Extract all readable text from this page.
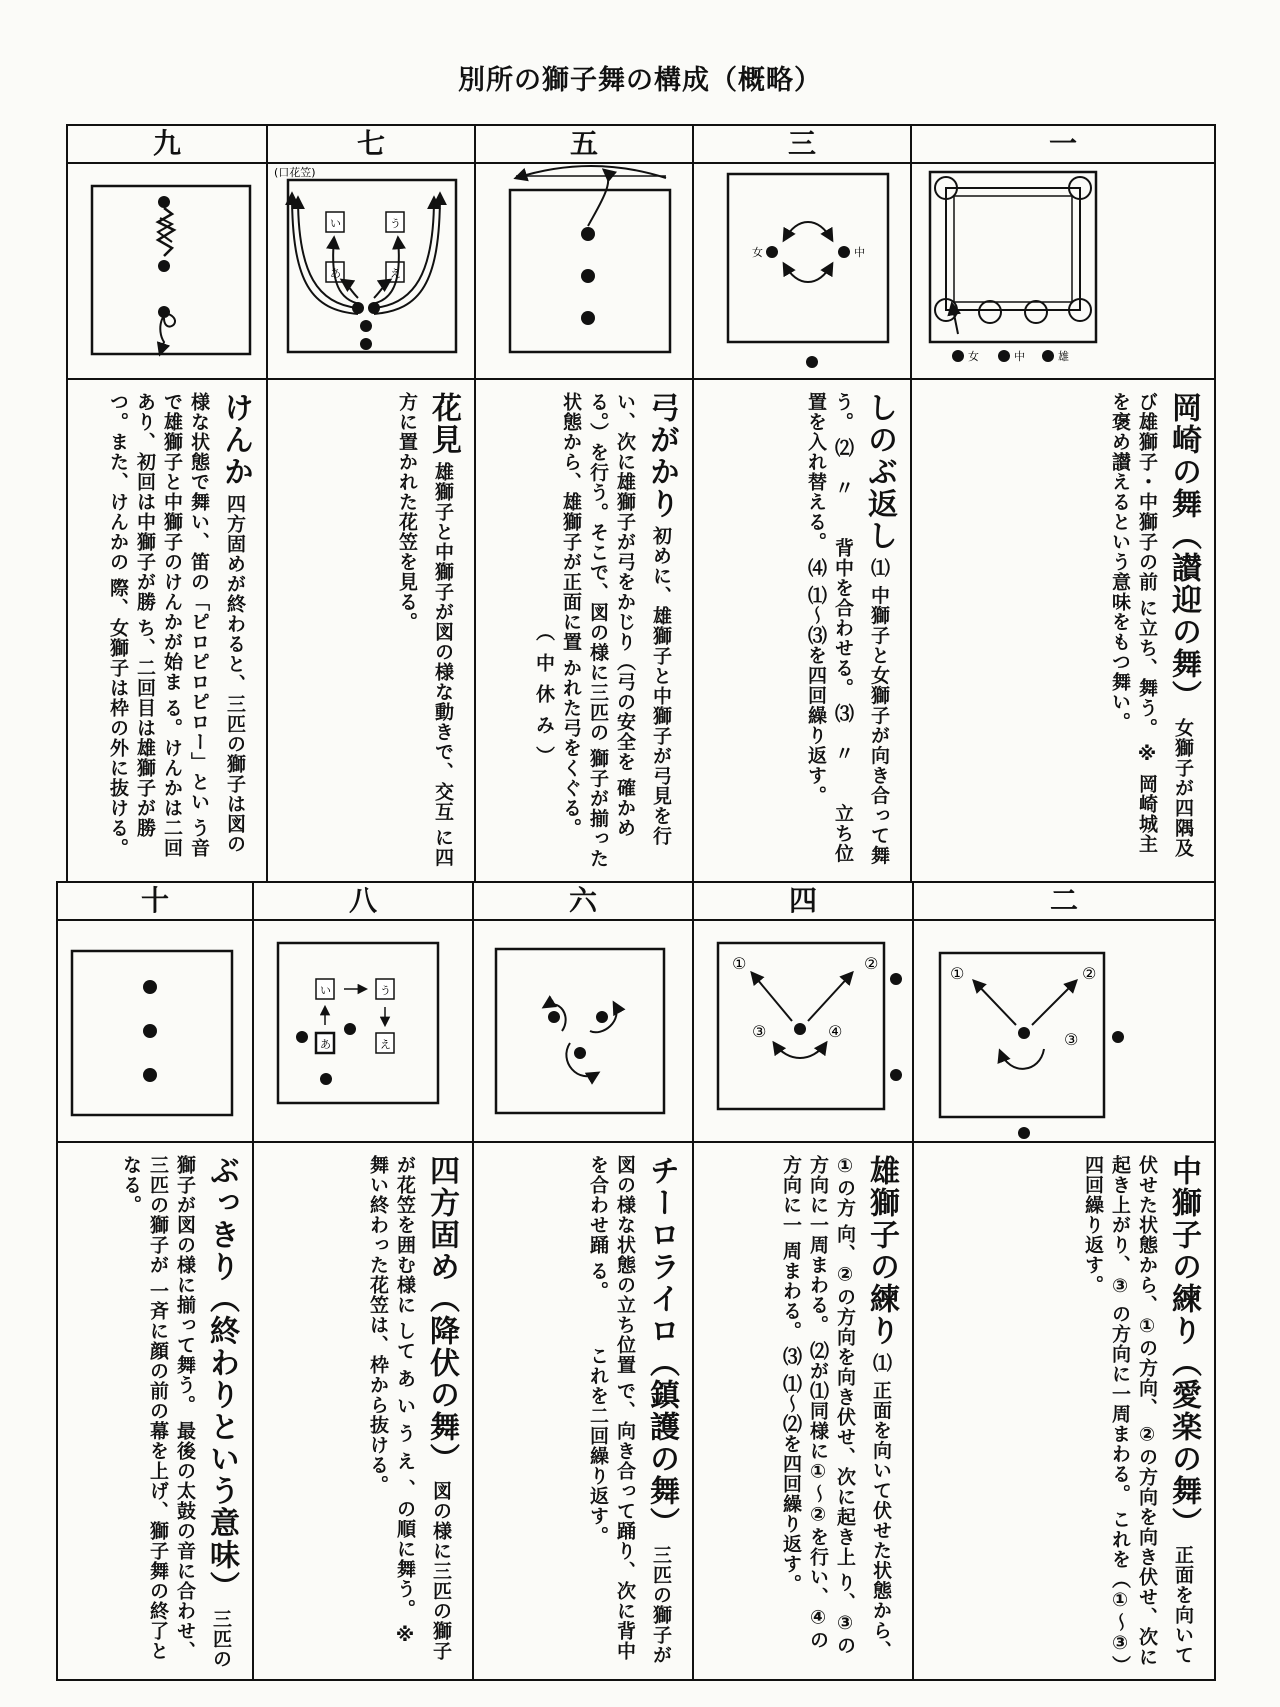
別所の獅子舞の構成（概略）
九
けんか 四方固めが終わると、三匹の獅子は図の 様な状態で舞い、笛の「ピロピロピロー」とい う音で雄獅子と中獅子のけんかが始ま る。けんかは二回あり、初回は中獅子が勝 ち、二回目は雄獅子が勝つ。また、けんかの 際、女獅子は枠の外に抜ける。
七
(口花笠)
い	う
あ	え
花見 雄獅子と中獅子が図の様な動きで、交互 に四方に置かれた花笠を見る。
五
弓がかり 初めに、雄獅子と中獅子が弓見を行 い、次に雄獅子が弓をかじり（弓の安全を 確かめる。）を行う。そこで、図の様に三匹の 獅子が揃った状態から、雄獅子が正面に置 かれた弓をくぐる。 （中休み）
三
女	中
しのぶ返し ⑴ 中獅子と女獅子が向き合って舞う。 ⑵　〃　　背中を合わせる。 ⑶　〃　　立ち位置を入れ替える。 ⑷ ⑴～⑶を四回繰り返す。
一
女	中	雄
岡崎の舞（讃迎の舞） 女獅子が四隅及び雄獅子・中獅子の前 に立ち、舞う。 ※ 岡崎城主を褒め讃えるという意味をもつ舞い。
十
ぶっきり（終わりという意味） 三匹の獅子が図の様に揃って舞う。 最後の太鼓の音に合わせ、三匹の獅子が 一斉に顔の前の幕を上げ、獅子舞の終了と なる。
八
い	う
あ	え
四方固め（降伏の舞） 図の様に三匹の獅子が花笠を囲む様に して あ い う え 、の順に舞う。 ※ 舞い終わった花笠は、枠から抜ける。
六
チーロライロ（鎮護の舞） 三匹の獅子が図の様な状態の立ち位置 で、向き合って踊り、次に背中を合わせ踊 る。 これを二回繰り返す。
四
①	②
③	④
雄獅子の練り ⑴ 正面を向いて伏せた状態から、①の方 向、②の方向を向き伏せ、次に起き上 り、③の方向に一周まわる。 ⑵が⑴同様に①～②を行い、④の方向に一 周まわる。 ⑶ ⑴～⑵を四回繰り返す。
二
①	②
③
中獅子の練り（愛楽の舞） 正面を向いて伏せた状態から、①の方向、 ②の方向を向き伏せ、次に起き上がり、③ の方向に一周まわる。 これを（①～③）四回繰り返す。
